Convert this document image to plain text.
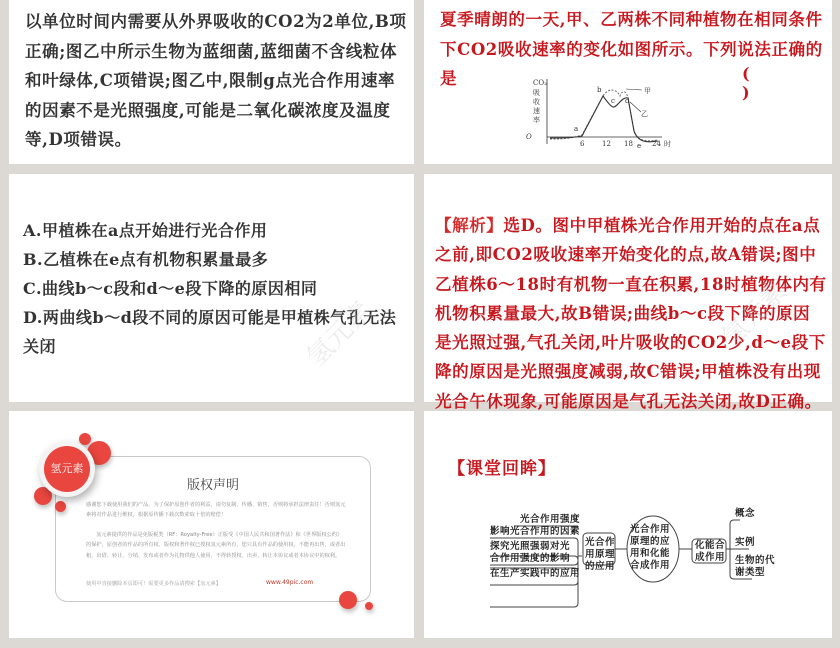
以单位时间内需要从外界吸收的CO2为2单位,B项正确;图乙中所示生物为蓝细菌,蓝细菌不含线粒体和叶绿体,C项错误;图乙中,限制g点光合作用速率的因素不是光照强度,可能是二氧化碳浓度及温度等,D项错误。
夏季晴朗的一天,甲、乙两株不同种植物在相同条件下CO2吸收速率的变化如图所示。下列说法正确的是	( )
CO₂
吸
收
速
率
O
6	12 18	24 时
a
b
c d
e
甲
乙
A.甲植株在a点开始进行光合作用
B.乙植株在e点有机物积累量最多
C.曲线b～c段和d～e段下降的原因相同
D.两曲线b～d段不同的原因可能是甲植株气孔无法关闭	氢元素
【解析】选D。图中甲植株光合作用开始的点在a点之前,即CO2吸收速率开始变化的点,故A错误;图中乙植株6～18时有机物一直在积累,18时植物体内有机物积累量最大,故B错误;曲线b～c段下降的原因是光照过强,气孔关闭,叶片吸收的CO2少,d～e段下降的原因是光照强度减弱,故C错误;甲植株没有出现光合午休现象,可能原因是气孔无法关闭,故D正确。
氢元素
版权声明
感谢您下载使用我们的产品，为了保护原创作者的利益，请勿复制、传播、销售，否则将承担法律责任！否则氢元素将对作品进行维权，根据原传播下载次数索取十倍的赔偿！
氢元素提供的作品是免版税类（RF：Royalty-Free）正版受《中国人民共和国著作法》和《世界版权公约》的保护，原创者的作品的所有权、版权和著作权已授权氢元素所有，您只具有作品的使用权，不能再出售，或者出租、出借、转让、分销、发布或者作为礼物供他人使用，不得转授权、出卖、转让本协议或者本协议中的权利。
使用中直接删除本页即可！需要更多作品请搜索【氢元素】	www.49pic.com
氢元素	【课堂回眸】
光合作用强度
影响光合作用的因素
探究光照强弱对光合作用强度的影响
在生产实践中的应用
光合作用原理的应用
光合作用原理的应用和化能合成作用
化能合成作用
概念
实例
生物的代谢类型
